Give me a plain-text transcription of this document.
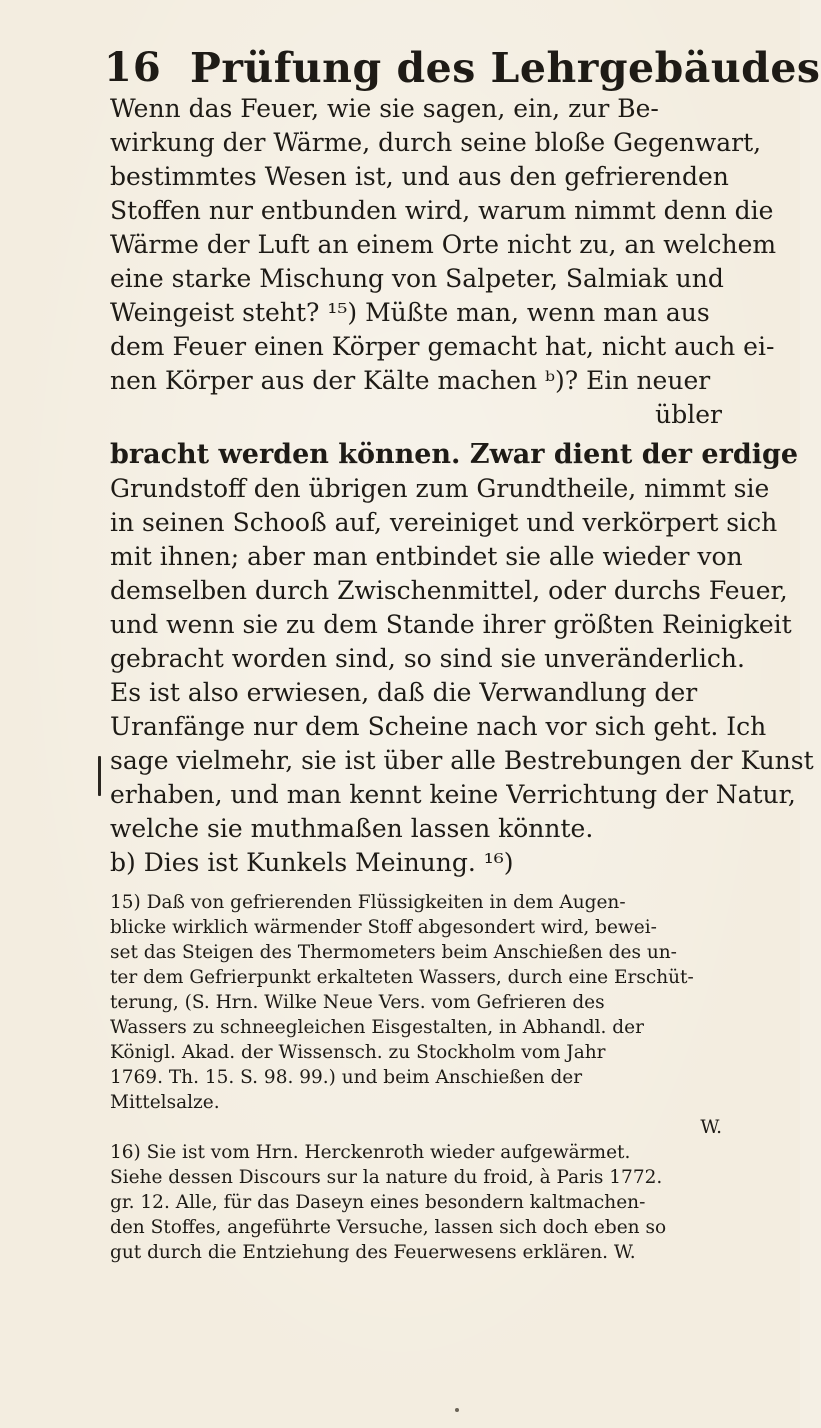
16 Prüfung des Lehrgebäudes
Wenn das Feuer, wie sie sagen, ein, zur Be-
wirkung der Wärme, durch seine bloße Gegenwart,
bestimmtes Wesen ist, und aus den gefrierenden
Stoffen nur entbunden wird, warum nimmt denn die
Wärme der Luft an einem Orte nicht zu, an welchem
eine starke Mischung von Salpeter, Salmiak und
Weingeist steht? ¹⁵) Müßte man, wenn man aus
dem Feuer einen Körper gemacht hat, nicht auch ei-
nen Körper aus der Kälte machen ᵇ)? Ein neuer
übler
bracht werden können. Zwar dient der erdige
Grundstoff den übrigen zum Grundtheile, nimmt sie
in seinen Schooß auf, vereiniget und verkörpert sich
mit ihnen; aber man entbindet sie alle wieder von
demselben durch Zwischenmittel, oder durchs Feuer,
und wenn sie zu dem Stande ihrer größten Reinigkeit
gebracht worden sind, so sind sie unveränderlich.
Es ist also erwiesen, daß die Verwandlung der
Uranfänge nur dem Scheine nach vor sich geht. Ich
sage vielmehr, sie ist über alle Bestrebungen der Kunst
erhaben, und man kennt keine Verrichtung der Natur,
welche sie muthmaßen lassen könnte.
b) Dies ist Kunkels Meinung. ¹⁶)
15) Daß von gefrierenden Flüssigkeiten in dem Augen-
blicke wirklich wärmender Stoff abgesondert wird, bewei-
set das Steigen des Thermometers beim Anschießen des un-
ter dem Gefrierpunkt erkalteten Wassers, durch eine Erschüt-
terung, (S. Hrn. Wilke Neue Vers. vom Gefrieren des
Wassers zu schneegleichen Eisgestalten, in Abhandl. der
Königl. Akad. der Wissensch. zu Stockholm vom Jahr
1769. Th. 15. S. 98. 99.) und beim Anschießen der
Mittelsalze.
W.
16) Sie ist vom Hrn. Herckenroth wieder aufgewärmet.
Siehe dessen Discours sur la nature du froid, à Paris 1772.
gr. 12. Alle, für das Daseyn eines besondern kaltmachen-
den Stoffes, angeführte Versuche, lassen sich doch eben so
gut durch die Entziehung des Feuerwesens erklären. W.
